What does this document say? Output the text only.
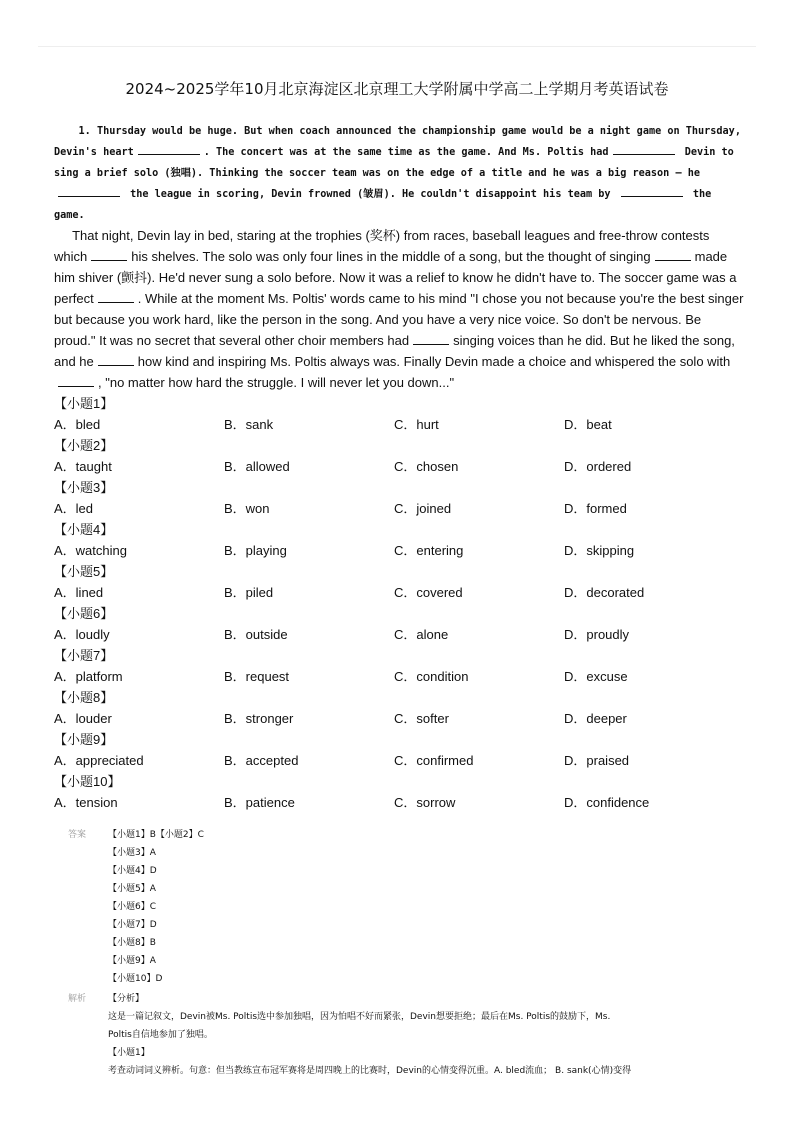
2024~2025学年10月北京海淀区北京理工大学附属中学高二上学期月考英语试卷
1. Thursday would be huge. But when coach announced the championship game would be a night game on Thursday, Devin's heart	. The concert was at the same time as the game. And Ms. Poltis had	Devin to sing a brief solo (独唱). Thinking the soccer team was on the edge of a title and he was a big reason — he  the league in scoring, Devin frowned (皱眉). He couldn't disappoint his team by	the game.
That night, Devin lay in bed, staring at the trophies (奖杯) from races, baseball leagues and free-throw contests which	his shelves. The solo was only four lines in the middle of a song, but the thought of singing	made him shiver (颤抖). He'd never sung a solo before. Now it was a relief to know he didn't have to. The soccer game was a perfect	. While at the moment Ms. Poltis' words came to his mind "I chose you not because you're the best singer but because you work hard, like the person in the song. And you have a very nice voice. So don't be nervous. Be proud." It was no secret that several other choir members had	singing voices than he did. But he liked the song, and he	how kind and inspiring Ms. Poltis always was. Finally Devin made a choice and whispered the solo with , "no matter how hard the struggle. I will never let you down..."
【小题1】
A．bled	B．sank	C．hurt	D．beat
【小题2】
A．taught	B．allowed	C．chosen	D．ordered
【小题3】
A．led	B．won	C．joined	D．formed
【小题4】
A．watching	B．playing	C．entering	D．skipping
【小题5】
A．lined	B．piled	C．covered	D．decorated
【小题6】
A．loudly	B．outside	C．alone	D．proudly
【小题7】
A．platform	B．request	C．condition	D．excuse
【小题8】
A．louder	B．stronger	C．softer	D．deeper
【小题9】
A．appreciated	B．accepted	C．confirmed	D．praised
【小题10】
A．tension	B．patience	C．sorrow	D．confidence
答案 【小题1】B【小题2】C
【小题3】A
【小题4】D
【小题5】A
【小题6】C
【小题7】D
【小题8】B
【小题9】A
【小题10】D
解析 【分析】
这是一篇记叙文，Devin被Ms. Poltis选中参加独唱，因为怕唱不好而紧张，Devin想要拒绝；最后在Ms. Poltis的鼓励下，Ms.
Poltis自信地参加了独唱。
【小题1】
考查动词词义辨析。句意：但当教练宣布冠军赛将是周四晚上的比赛时，Devin的心情变得沉重。A. bled流血； B. sank(心情)变得
